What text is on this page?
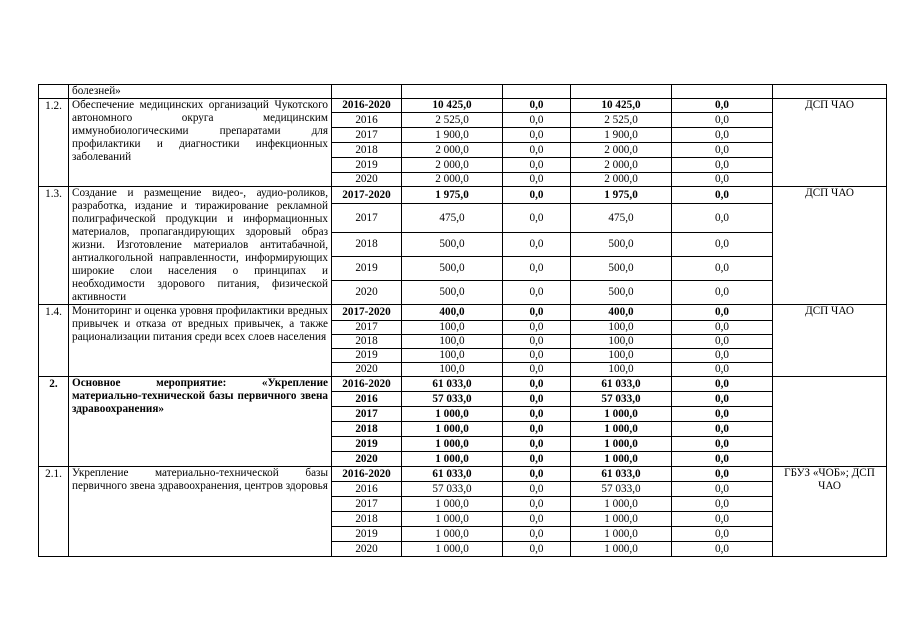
	болезней»						
1.2.	Обеспечение медицинских организаций Чукотского автономного округа медицинским иммунобиологическими препаратами для профилактики и диагностики инфекционных заболеваний	2016-2020	10 425,0	0,0	10 425,0	0,0	ДСП ЧАО
		2016	2 525,0	0,0	2 525,0	0,0	
		2017	1 900,0	0,0	1 900,0	0,0	
		2018	2 000,0	0,0	2 000,0	0,0	
		2019	2 000,0	0,0	2 000,0	0,0	
		2020	2 000,0	0,0	2 000,0	0,0	
1.3.	Создание и размещение видео-, аудио-роликов, разработка, издание и тиражирование рекламной полиграфической продукции и информационных материалов, пропагандирующих здоровый образ жизни. Изготовление материалов антитабачной, антиалкогольной направленности, информирующих широкие слои населения о принципах и необходимости здорового питания, физической активности	2017-2020	1 975,0	0,0	1 975,0	0,0	ДСП ЧАО
		2017	475,0	0,0	475,0	0,0	
		2018	500,0	0,0	500,0	0,0	
		2019	500,0	0,0	500,0	0,0	
		2020	500,0	0,0	500,0	0,0	
1.4.	Мониторинг и оценка уровня профилактики вредных привычек и отказа от вредных привычек, а также рационализации питания среди всех слоев населения	2017-2020	400,0	0,0	400,0	0,0	ДСП ЧАО
		2017	100,0	0,0	100,0	0,0	
		2018	100,0	0,0	100,0	0,0	
		2019	100,0	0,0	100,0	0,0	
		2020	100,0	0,0	100,0	0,0	
2.	Основное мероприятие: «Укрепление материально-технической базы первичного звена здравоохранения»	2016-2020	61 033,0	0,0	61 033,0	0,0	
		2016	57 033,0	0,0	57 033,0	0,0	
		2017	1 000,0	0,0	1 000,0	0,0	
		2018	1 000,0	0,0	1 000,0	0,0	
		2019	1 000,0	0,0	1 000,0	0,0	
		2020	1 000,0	0,0	1 000,0	0,0	
2.1.	Укрепление материально-технической базы первичного звена здравоохранения, центров здоровья	2016-2020	61 033,0	0,0	61 033,0	0,0	ГБУЗ «ЧОБ»; ДСП ЧАО
		2016	57 033,0	0,0	57 033,0	0,0	
		2017	1 000,0	0,0	1 000,0	0,0	
		2018	1 000,0	0,0	1 000,0	0,0	
		2019	1 000,0	0,0	1 000,0	0,0	
		2020	1 000,0	0,0	1 000,0	0,0	
